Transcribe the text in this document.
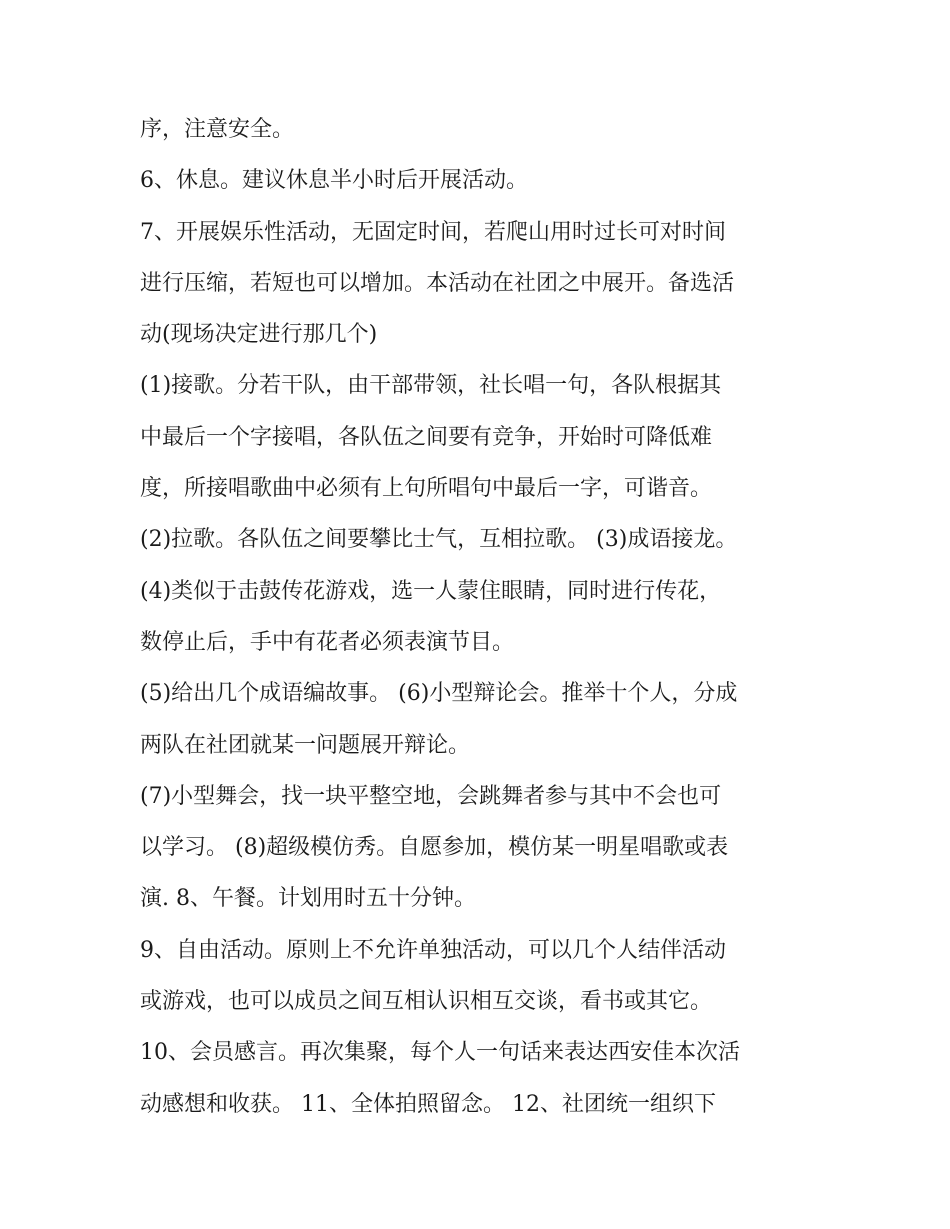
序，注意安全。
6、休息。建议休息半小时后开展活动。
7、开展娱乐性活动，无固定时间，若爬山用时过长可对时间
进行压缩，若短也可以增加。本活动在社团之中展开。备选活
动(现场决定进行那几个)
(1)接歌。分若干队，由干部带领，社长唱一句，各队根据其
中最后一个字接唱，各队伍之间要有竞争，开始时可降低难
度，所接唱歌曲中必须有上句所唱句中最后一字，可谐音。
(2)拉歌。各队伍之间要攀比士气，互相拉歌。 (3)成语接龙。
(4)类似于击鼓传花游戏，选一人蒙住眼睛，同时进行传花，
数停止后，手中有花者必须表演节目。
(5)给出几个成语编故事。 (6)小型辩论会。推举十个人，分成
两队在社团就某一问题展开辩论。
(7)小型舞会，找一块平整空地，会跳舞者参与其中不会也可
以学习。 (8)超级模仿秀。自愿参加，模仿某一明星唱歌或表
演. 8、午餐。计划用时五十分钟。
9、自由活动。原则上不允许单独活动，可以几个人结伴活动
或游戏，也可以成员之间互相认识相互交谈，看书或其它。
10、会员感言。再次集聚，每个人一句话来表达西安佳本次活
动感想和收获。 11、全体拍照留念。 12、社团统一组织下
